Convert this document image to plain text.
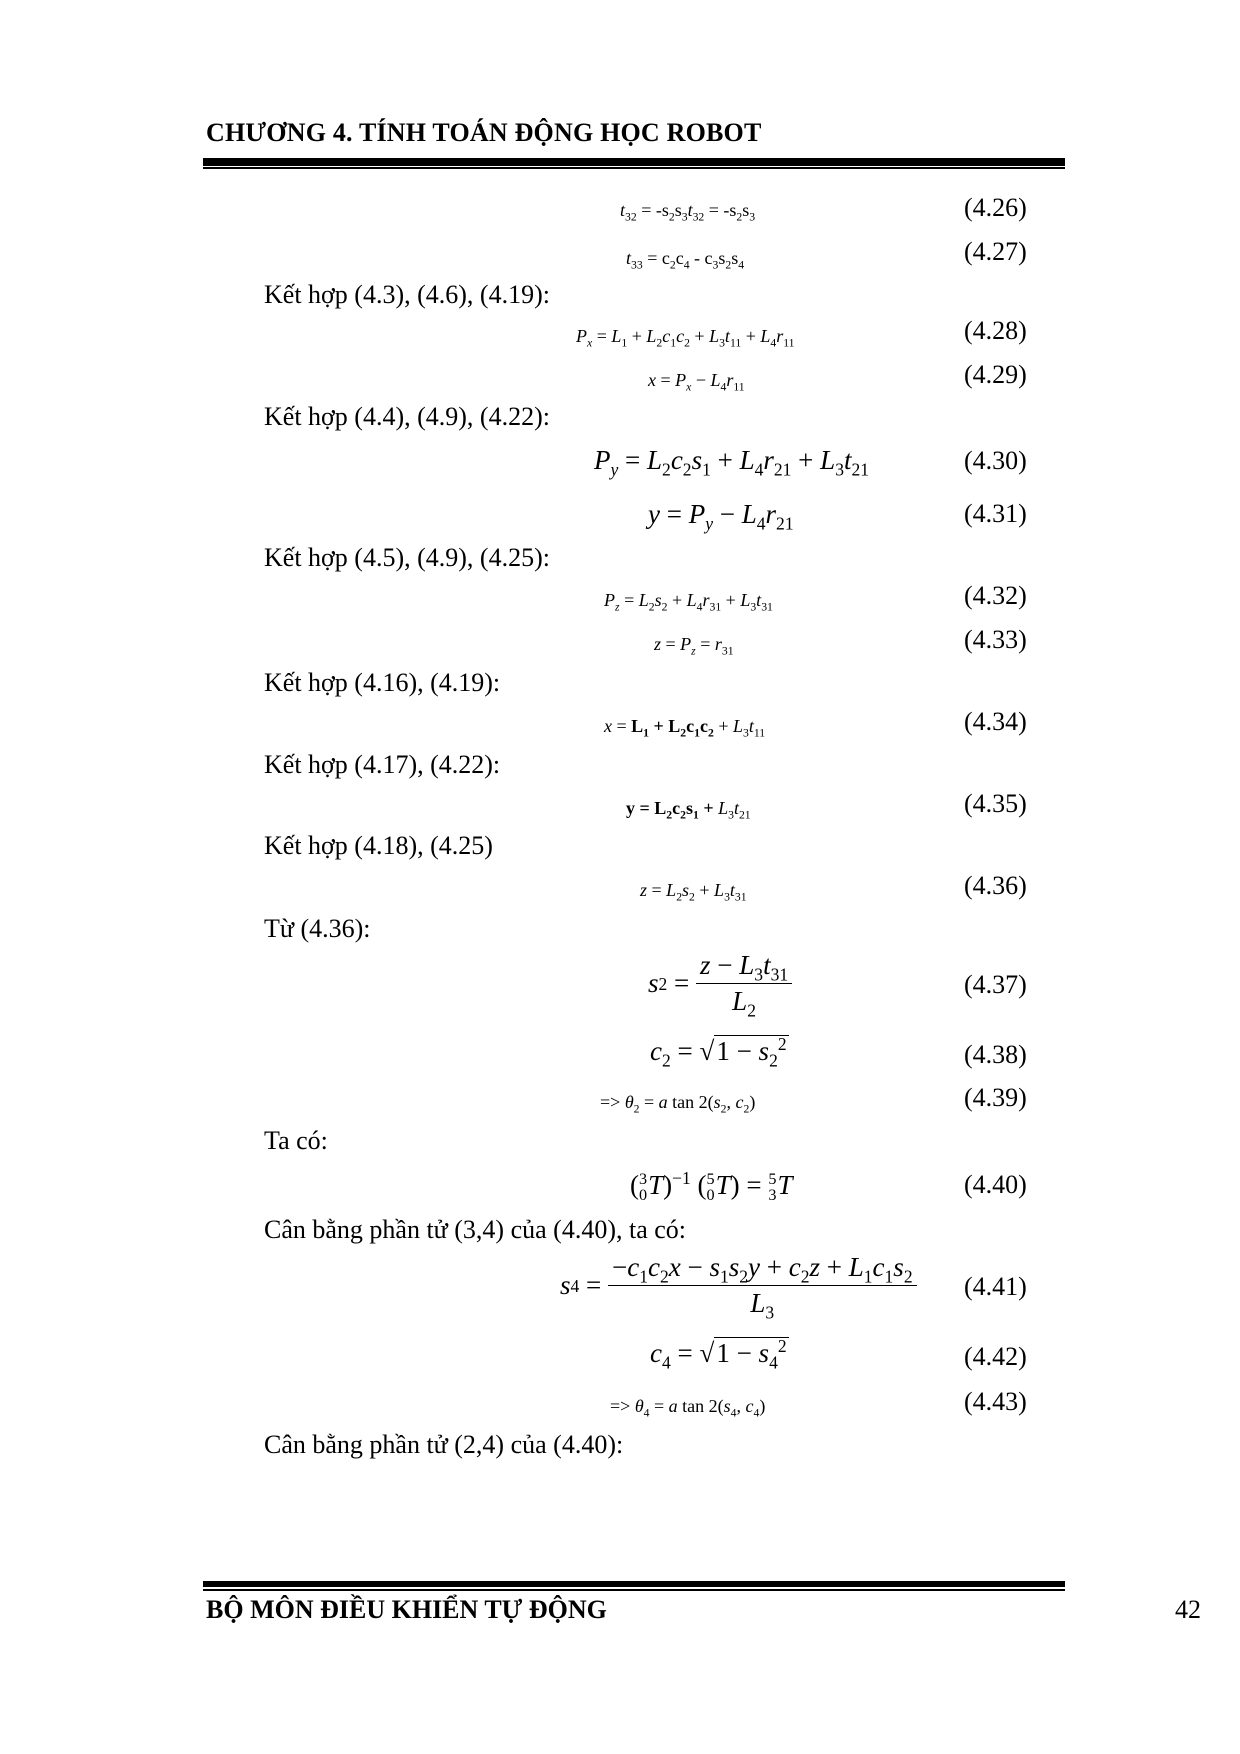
CHƯƠNG 4. TÍNH TOÁN ĐỘNG HỌC ROBOT
$t_{32} = -s_2s_3t_{32} = -s_2s_3$	(4.26)
$t_{33} = c_2c_4 - c_3s_2s_4$	(4.27)
Kết hợp (4.3), (4.6), (4.19):
$P_x = L_1 + L_2c_1c_2 + L_3t_{11} + L_4r_{11}$	(4.28)
$x = P_x - L_4r_{11}$	(4.29)
Kết hợp (4.4), (4.9), (4.22):
$P_y = L_2c_2s_1 + L_4r_{21} + L_3t_{21}$	(4.30)
$y = P_y - L_4r_{21}$	(4.31)
Kết hợp (4.5), (4.9), (4.25):
$P_z = L_2s_2 + L_4r_{31} + L_3t_{31}$	(4.32)
$z = P_z = r_{31}$	(4.33)
Kết hợp (4.16), (4.19):
$x = L_1 + L_2c_1c_2 + L_3t_{11}$	(4.34)
Kết hợp (4.17), (4.22):
$y = L_2c_2s_1 + L_3t_{21}$	(4.35)
Kết hợp (4.18), (4.25)
$z = L_2s_2 + L_3t_{31}$	(4.36)
Từ (4.36):
s 2
=
$\frac{z - L_3t_{31}}{L_2}$	(4.37)
$c_2 = √1 - s_2^2$	(4.38)
=> $\theta_2 = a$ $\tan 2(s_2$, $c_2$)	(4.39)
Ta có:
( 3
0 T)$^{-1}$ ( 5
0 T) = 5
3 T	(4.40)
Cân bằng phần tử (3,4) của (4.40), ta có:
s 4
=
$\frac{-c_1c_2x - s_1s_2y + c_2z + L_1c_1s_2}{L_3} (4.41)$
$c_4 = √1 - s_4^2$	(4.42)
=> $\theta_4 = a$ $\tan 2(s_4$, $c_4$)	(4.43)
Cân bằng phần tử (2,4) của (4.40):
BỘ MÔN ĐIỀU KHIỂN TỰ ĐỘNG	42
